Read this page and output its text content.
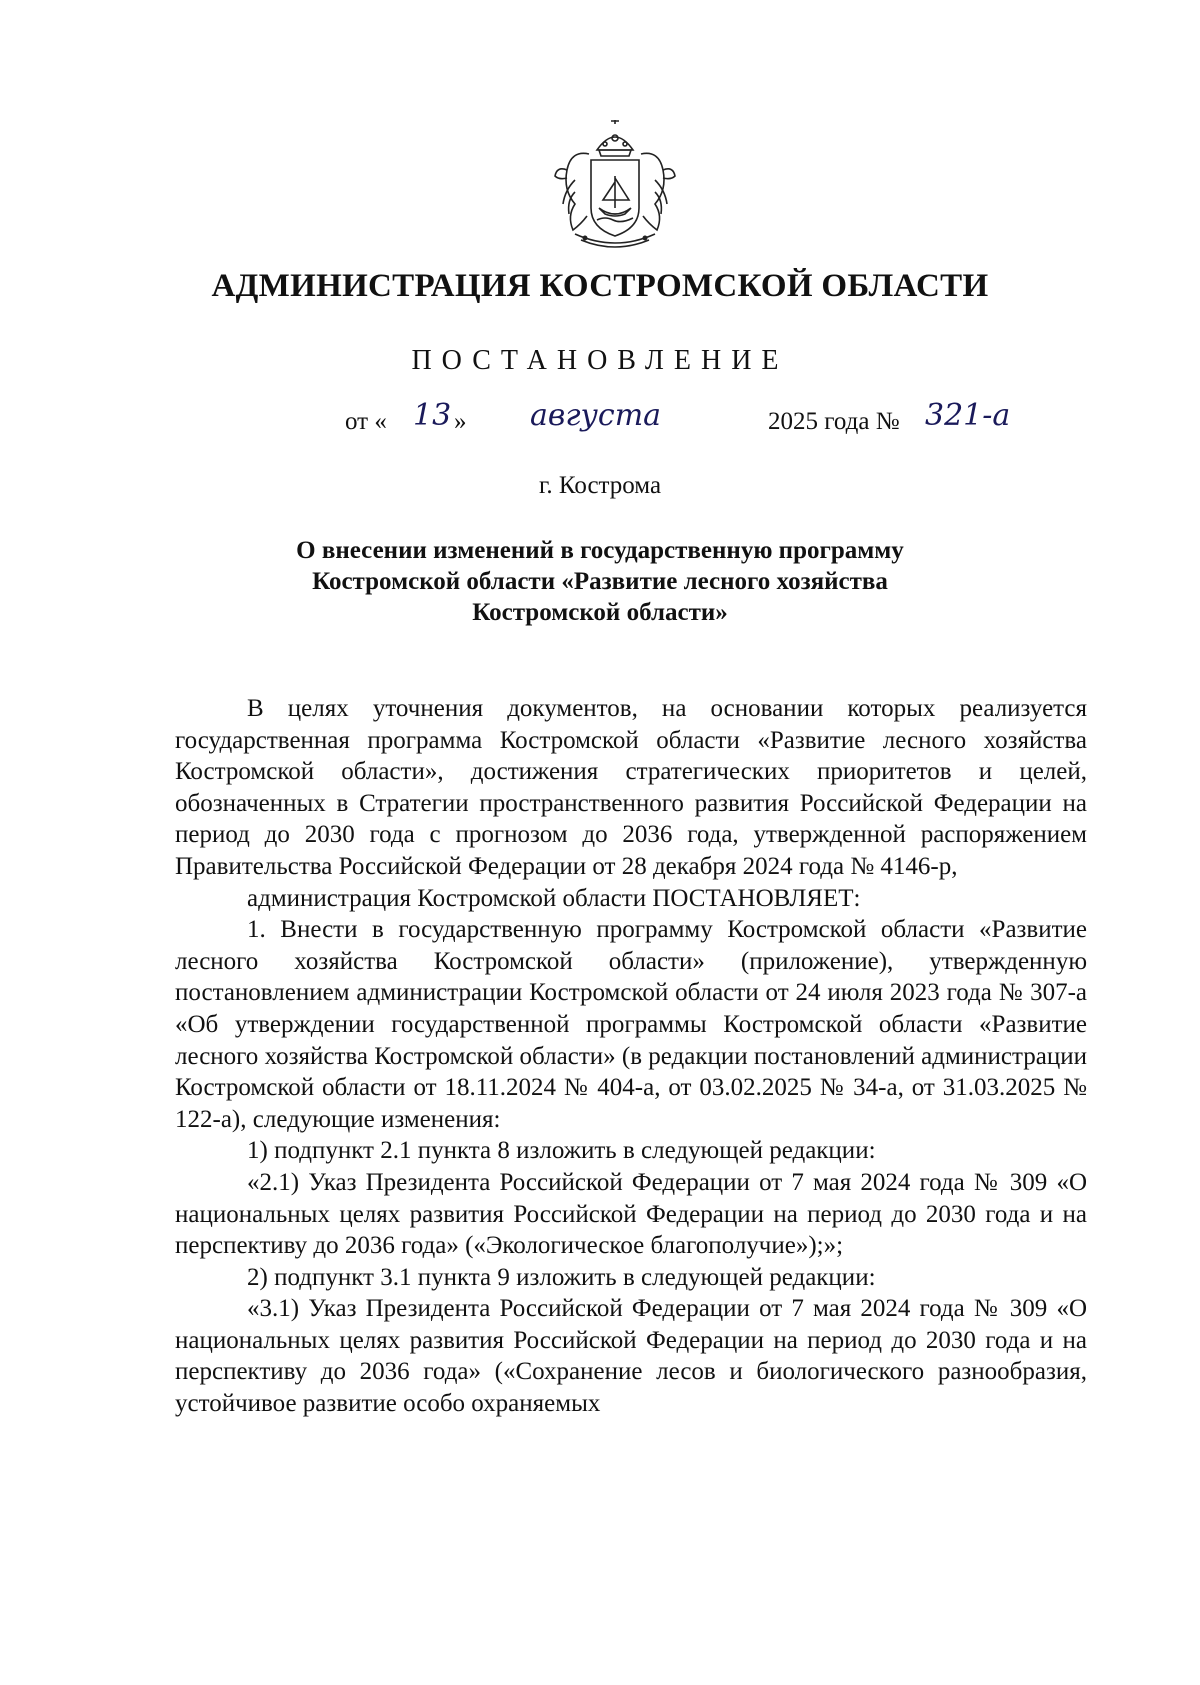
АДМИНИСТРАЦИЯ КОСТРОМСКОЙ ОБЛАСТИ
ПОСТАНОВЛЕНИЕ
от « 13 » августа	2025 года № 321-а
г. Кострома
О внесении изменений в государственную программу
Костромской области «Развитие лесного хозяйства
Костромской области»

В целях уточнения документов, на основании которых реализуется государственная программа Костромской области «Развитие лесного хозяйства Костромской области», достижения стратегических приоритетов и целей, обозначенных в Стратегии пространственного развития Российской Федерации на период до 2030 года с прогнозом до 2036 года, утвержденной распоряжением Правительства Российской Федерации от 28 декабря 2024 года № 4146-р,

администрация Костромской области ПОСТАНОВЛЯЕТ:

1. Внести в государственную программу Костромской области «Развитие лесного хозяйства Костромской области» (приложение), утвержденную постановлением администрации Костромской области от 24 июля 2023 года № 307-а «Об утверждении государственной программы Костромской области «Развитие лесного хозяйства Костромской области» (в редакции постановлений администрации Костромской области от 18.11.2024 № 404-а, от 03.02.2025 № 34-а, от 31.03.2025 № 122-а), следующие изменения:

1) подпункт 2.1 пункта 8 изложить в следующей редакции:

«2.1) Указ Президента Российской Федерации от 7 мая 2024 года № 309 «О национальных целях развития Российской Федерации на период до 2030 года и на перспективу до 2036 года» («Экологическое благополучие»);»;

2) подпункт 3.1 пункта 9 изложить в следующей редакции:

«3.1) Указ Президента Российской Федерации от 7 мая 2024 года № 309 «О национальных целях развития Российской Федерации на период до 2030 года и на перспективу до 2036 года» («Сохранение лесов и биологического разнообразия, устойчивое развитие особо охраняемых
